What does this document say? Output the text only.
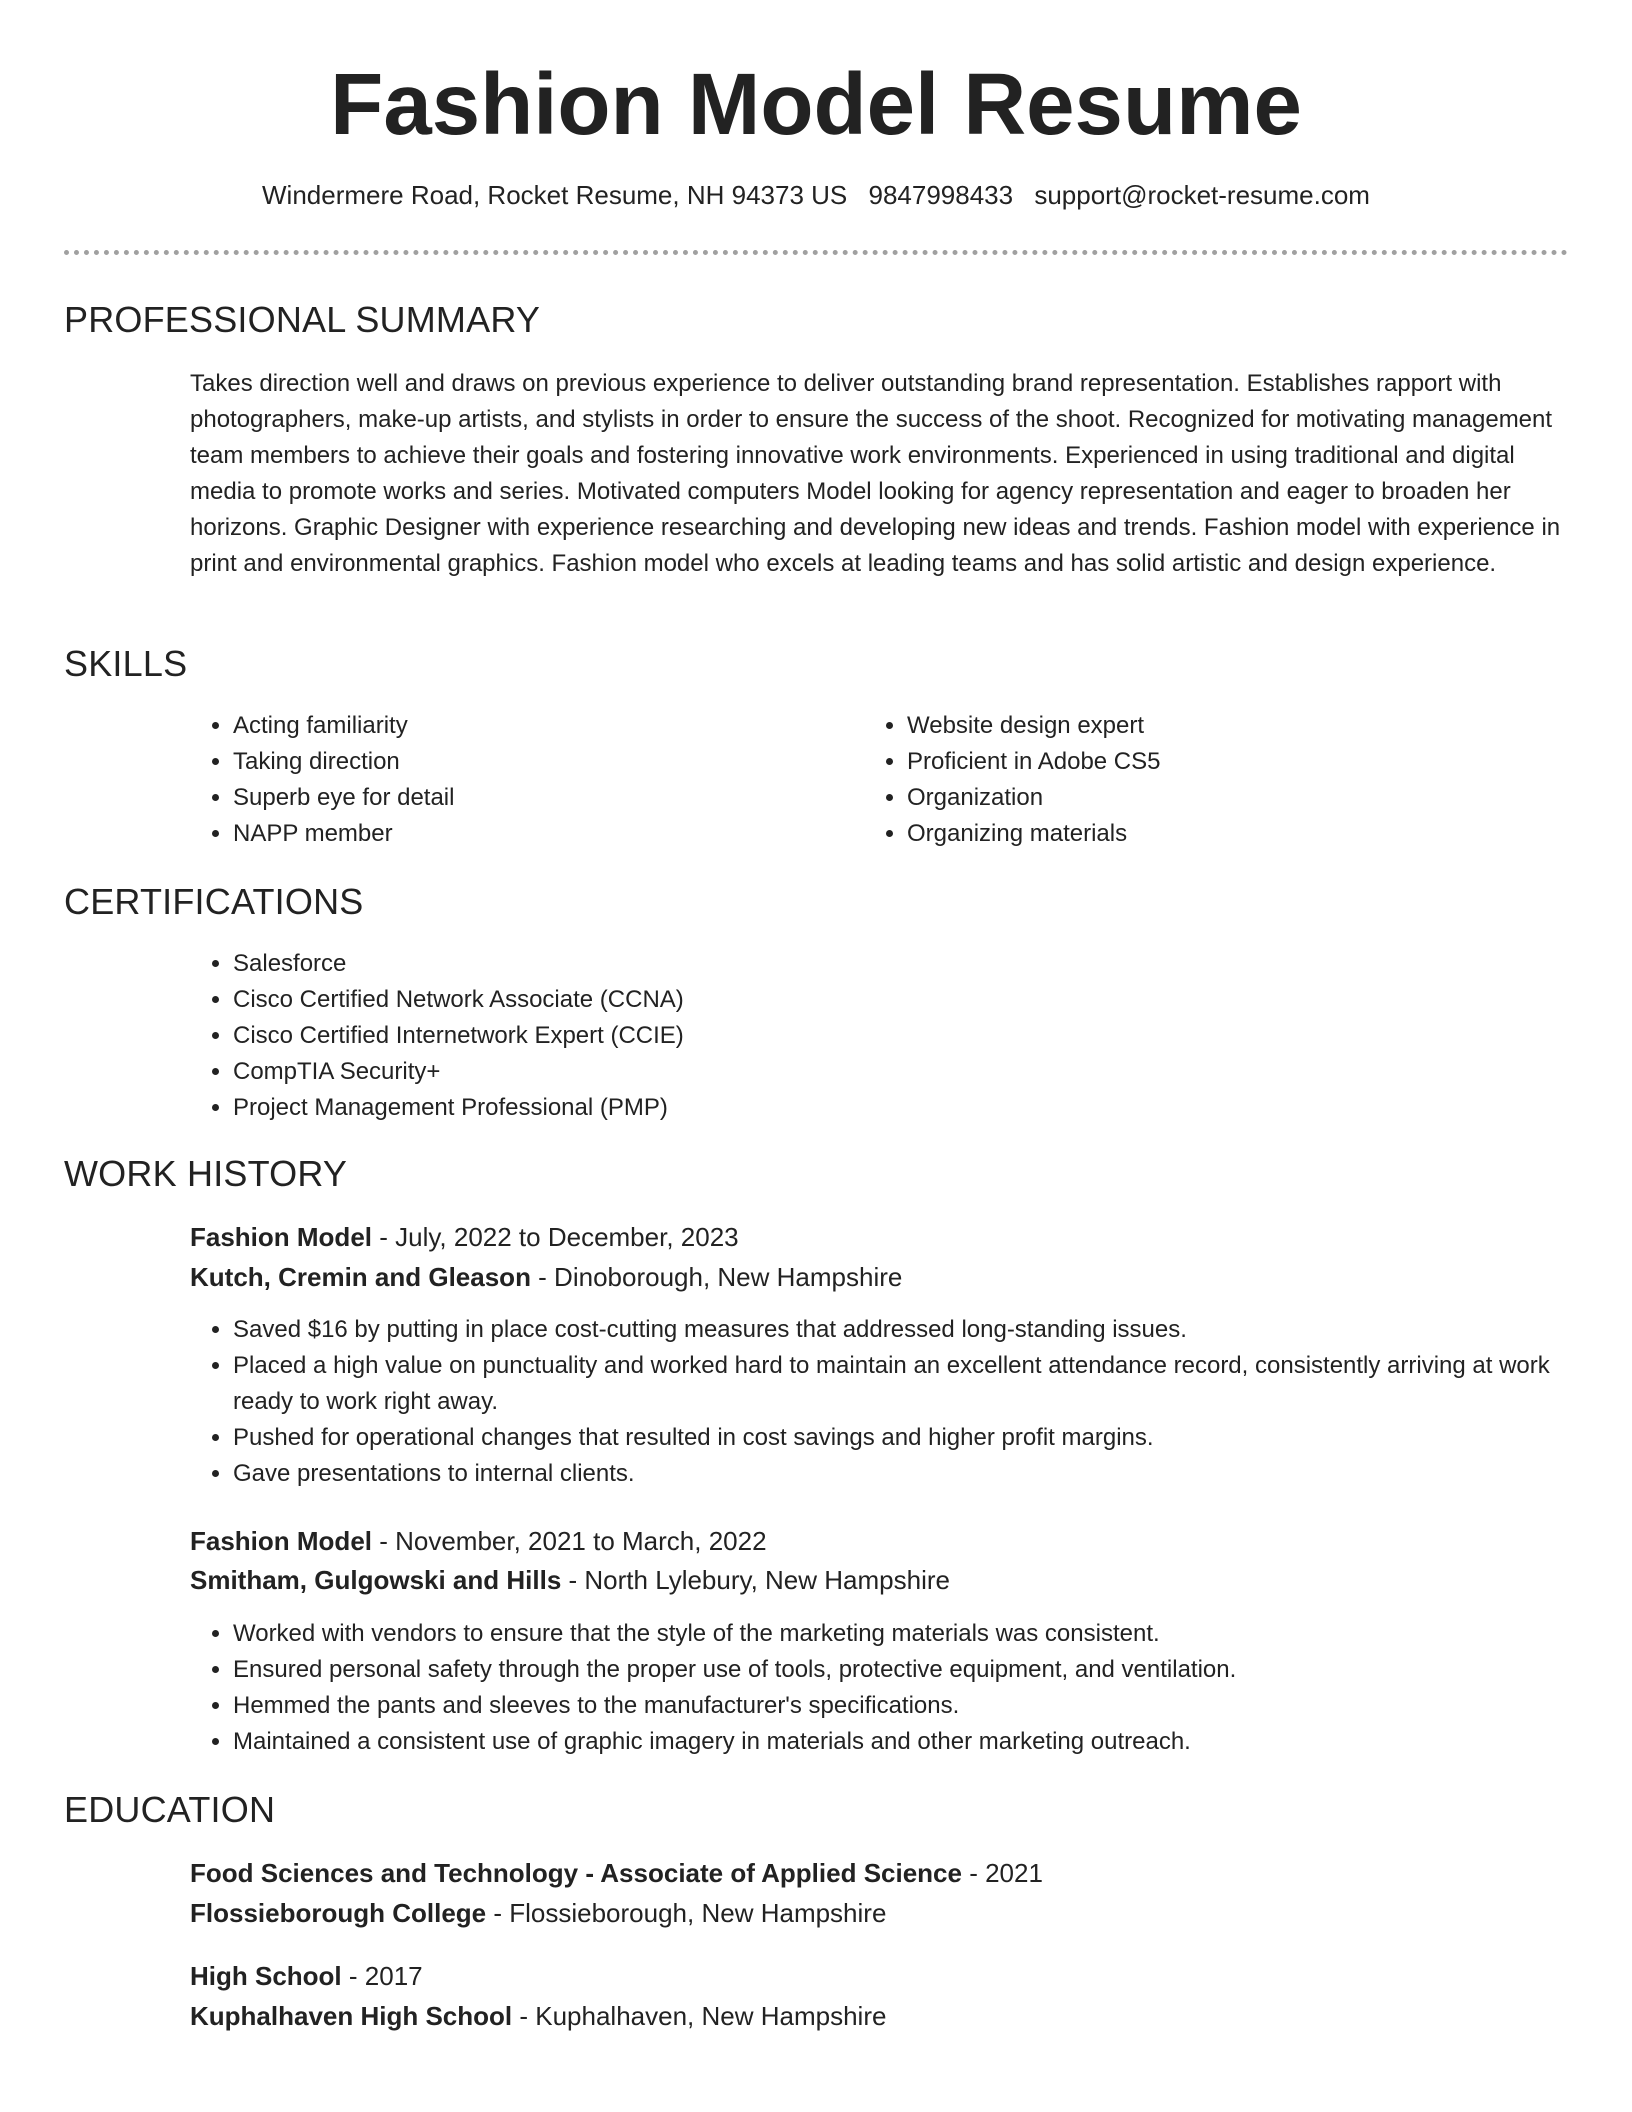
Fashion Model Resume
Windermere Road, Rocket Resume, NH 94373 US 9847998433 support@rocket-resume.com
PROFESSIONAL SUMMARY

Takes direction well and draws on previous experience to deliver outstanding brand representation. Establishes rapport with photographers, make-up artists, and stylists in order to ensure the success of the shoot. Recognized for motivating management team members to achieve their goals and fostering innovative work environments. Experienced in using traditional and digital media to promote works and series. Motivated computers Model looking for agency representation and eager to broaden her horizons. Graphic Designer with experience researching and developing new ideas and trends. Fashion model with experience in print and environmental graphics. Fashion model who excels at leading teams and has solid artistic and design experience.

SKILLS
• Acting familiarity
• Taking direction
• Superb eye for detail
• NAPP member
• Website design expert
• Proficient in Adobe CS5
• Organization
• Organizing materials
CERTIFICATIONS
• Salesforce
• Cisco Certified Network Associate (CCNA)
• Cisco Certified Internetwork Expert (CCIE)
• CompTIA Security+
• Project Management Professional (PMP)
WORK HISTORY
Fashion Model - July, 2022 to December, 2023
Kutch, Cremin and Gleason - Dinoborough, New Hampshire
• Saved $16 by putting in place cost-cutting measures that addressed long-standing issues.
• Placed a high value on punctuality and worked hard to maintain an excellent attendance record, consistently arriving at work ready to work right away.
• Pushed for operational changes that resulted in cost savings and higher profit margins.
• Gave presentations to internal clients.
Fashion Model - November, 2021 to March, 2022
Smitham, Gulgowski and Hills - North Lylebury, New Hampshire
• Worked with vendors to ensure that the style of the marketing materials was consistent.
• Ensured personal safety through the proper use of tools, protective equipment, and ventilation.
• Hemmed the pants and sleeves to the manufacturer's specifications.
• Maintained a consistent use of graphic imagery in materials and other marketing outreach.
EDUCATION
Food Sciences and Technology - Associate of Applied Science - 2021
Flossieborough College - Flossieborough, New Hampshire
High School - 2017
Kuphalhaven High School - Kuphalhaven, New Hampshire
